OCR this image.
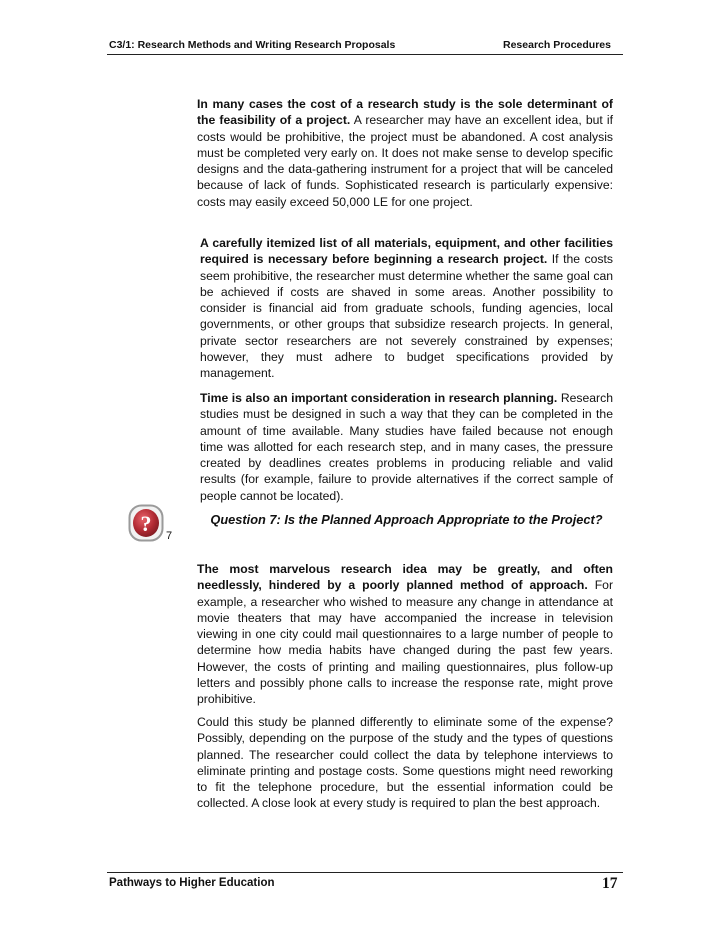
C3/1: Research Methods and Writing Research Proposals	Research Procedures

In many cases the cost of a research study is the sole determinant of the feasibility of a project. A researcher may have an excellent idea, but if costs would be prohibitive, the project must be abandoned. A cost analysis must be completed very early on. It does not make sense to develop specific designs and the data-gathering instrument for a project that will be canceled because of lack of funds. Sophisticated research is particularly expensive: costs may easily exceed 50,000 LE for one project.

A carefully itemized list of all materials, equipment, and other facilities required is necessary before beginning a research project. If the costs seem prohibitive, the researcher must determine whether the same goal can be achieved if costs are shaved in some areas. Another possibility to consider is financial aid from graduate schools, funding agencies, local governments, or other groups that subsidize research projects. In general, private sector researchers are not severely constrained by expenses; however, they must adhere to budget specifications provided by management.

Time is also an important consideration in research planning. Research studies must be designed in such a way that they can be completed in the amount of time available. Many studies have failed because not enough time was allotted for each research step, and in many cases, the pressure created by deadlines creates problems in producing reliable and valid results (for example, failure to provide alternatives if the correct sample of people cannot be located).

? 7
Question 7: Is the Planned Approach Appropriate to the Project?

The most marvelous research idea may be greatly, and often needlessly, hindered by a poorly planned method of approach. For example, a researcher who wished to measure any change in attendance at movie theaters that may have accompanied the increase in television viewing in one city could mail questionnaires to a large number of people to determine how media habits have changed during the past few years. However, the costs of printing and mailing questionnaires, plus follow-up letters and possibly phone calls to increase the response rate, might prove prohibitive.

Could this study be planned differently to eliminate some of the expense? Possibly, depending on the purpose of the study and the types of questions planned. The researcher could collect the data by telephone interviews to eliminate printing and postage costs. Some questions might need reworking to fit the telephone procedure, but the essential information could be collected. A close look at every study is required to plan the best approach.

Pathways to Higher Education	17
